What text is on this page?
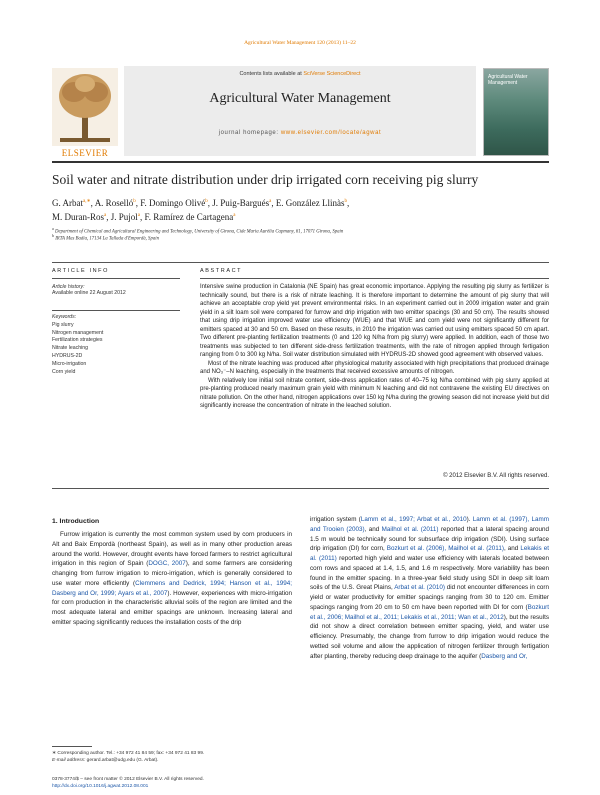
Agricultural Water Management 120 (2013) 11–22
ELSEVIER
Contents lists available at SciVerse ScienceDirect
Agricultural Water Management
journal homepage: www.elsevier.com/locate/agwat
Agricultural Water Management
Soil water and nitrate distribution under drip irrigated corn receiving pig slurry
G. Arbat$^{a,∗}$, A. Roselló$^b$, F. Domingo Olivé$^b$, J. Puig-Bargués$^a$, E. González Llinàs$^b$,
M. Duran-Ros$^a$, J. Pujol$^a$, F. Ramírez de Cartagena$^a$
$^a$ Department of Chemical and Agricultural Engineering and Technology, University of Girona, Cide Maria Aurèlia Capmany, 61, 17071 Girona, Spain
$^b$ IRTA Mas Badia, 17134 La Tallada d'Empordà, Spain
ARTICLE INFO	ABSTRACT
Article history:
Available online 22 August 2012
Keywords:
Pig slurry
Nitrogen management
Fertilization strategies
Nitrate leaching
HYDRUS-2D
Micro-irrigation
Corn yield

Intensive swine production in Catalonia (NE Spain) has great economic importance. Applying the resulting pig slurry as fertilizer is technically sound, but there is a risk of nitrate leaching. It is therefore important to determine the amount of pig slurry that will achieve an acceptable crop yield yet prevent environmental risks. In an experiment carried out in 2009 irrigation water and grain yield in a silt loam soil were compared for furrow and drip irrigation with two emitter spacings (30 and 50 cm). The results showed that using drip irrigation improved water use efficiency (WUE) and that WUE and corn yield were not significantly different for emitters spaced at 30 and 50 cm. Based on these results, in 2010 the irrigation was carried out using emitters spaced 50 cm apart. Two different pre-planting fertilization treatments (0 and 120 kg N/ha from pig slurry) were applied. In addition, each of those two treatments was subjected to ten different side-dress fertilization treatments, with the rate of nitrogen applied through fertigation ranging from 0 to 300 kg N/ha. Soil water distribution simulated with HYDRUS-2D showed good agreement with observed values.

Most of the nitrate leaching was produced after physiological maturity associated with high precipitations that produced drainage and NO₃⁻–N leaching, especially in the treatments that received excessive amounts of nitrogen.

With relatively low initial soil nitrate content, side-dress application rates of 40–75 kg N/ha combined with pig slurry applied at pre-planting produced nearly maximum grain yield with minimum N leaching and did not contravene the existing EU directives on nitrate pollution. On the other hand, nitrogen applications over 150 kg N/ha during the growing season did not increase yield but did significantly increase the concentration of nitrate in the leached solution.

© 2012 Elsevier B.V. All rights reserved.
1. Introduction

Furrow irrigation is currently the most common system used by corn producers in Alt and Baix Empordà (northeast Spain), as well as in many other production areas around the world. However, drought events have forced farmers to restrict agricultural irrigation in this region of Spain (DOGC, 2007), and some farmers are considering changing from furrow irrigation to micro-irrigation, which is generally considered to use water more efficiently (Clemmens and Dedrick, 1994; Hanson et al., 1994; Dasberg and Or, 1999; Ayars et al., 2007). However, experiences with micro-irrigation for corn production in the characteristic alluvial soils of the region are limited and the most adequate lateral and emitter spacings are unknown. Increasing lateral and emitter spacing significantly reduces the installation costs of the drip

irrigation system (Lamm et al., 1997; Arbat et al., 2010). Lamm et al. (1997), Lamm and Trooien (2003), and Mailhol et al. (2011) reported that a lateral spacing around 1.5 m would be technically sound for subsurface drip irrigation (SDI). Using surface drip irrigation (DI) for corn, Bozkurt et al. (2006), Mailhol et al. (2011), and Lekakis et al. (2011) reported high yield and water use efficiency with laterals located between corn rows and spaced at 1.4, 1.5, and 1.6 m respectively. More variability has been found in the emitter spacing. In a three-year field study using SDI in deep silt loam soils of the U.S. Great Plains, Arbat et al. (2010) did not encounter differences in corn yield or water productivity for emitter spacings ranging from 30 to 120 cm. Emitter spacings ranging from 20 cm to 50 cm have been reported with DI for corn (Bozkurt et al., 2006; Mailhol et al., 2011; Lekakis et al., 2011; Wan et al., 2012), but the results did not show a direct correlation between emitter spacing, yield, and water use efficiency. Presumably, the change from furrow to drip irrigation would reduce the wetted soil volume and allow the application of nitrogen fertilizer through fertigation after planting, thereby reducing deep drainage to the aquifer (Dasberg and Or,

∗ Corresponding author. Tel.: +34 972 41 84 59; fax: +34 972 41 83 99.
E-mail address: gerard.arbat@udg.edu (G. Arbat).
0378-3774/$ – see front matter © 2012 Elsevier B.V. All rights reserved.
http://dx.doi.org/10.1016/j.agwat.2012.08.001
